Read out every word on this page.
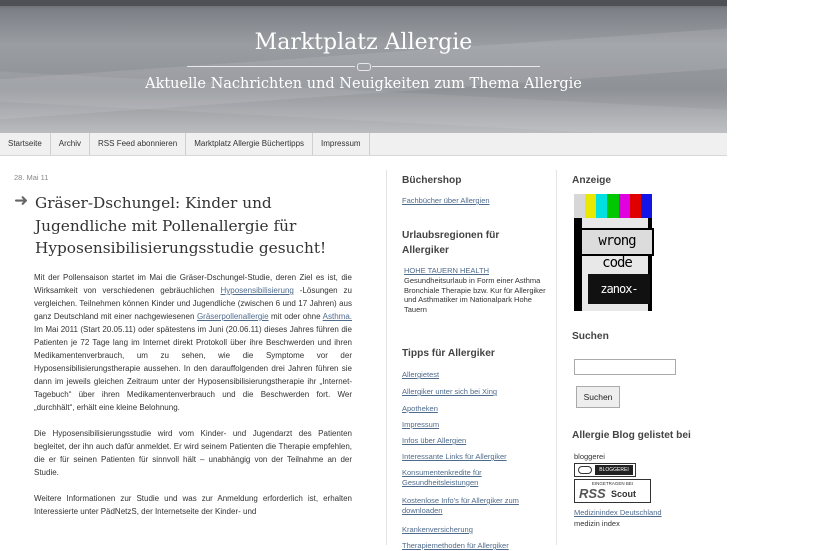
Marktplatz Allergie
Aktuelle Nachrichten und Neuigkeiten zum Thema Allergie
Startseite	Archiv	RSS Feed abonnieren	Marktplatz Allergie Büchertipps	Impressum
28. Mai 11
➜ Gräser-Dschungel: Kinder und Jugendliche mit Pollenallergie für Hyposensibilisierungsstudie gesucht!

Mit der Pollensaison startet im Mai die Gräser-Dschungel-Studie, deren Ziel es ist, die Wirksamkeit von verschiedenen gebräuchlichen Hyposensibilisierung -Lösungen zu vergleichen. Teilnehmen können Kinder und Jugendliche (zwischen 6 und 17 Jahren) aus ganz Deutschland mit einer nachgewiesenen Gräserpollenallergie mit oder ohne Asthma. Im Mai 2011 (Start 20.05.11) oder spätestens im Juni (20.06.11) dieses Jahres führen die Patienten je 72 Tage lang im Internet direkt Protokoll über ihre Beschwerden und ihren Medikamentenverbrauch, um zu sehen, wie die Symptome vor der Hyposensibilisierungstherapie aussehen. In den darauffolgenden drei Jahren führen sie dann im jeweils gleichen Zeitraum unter der Hyposensibilisierungstherapie ihr „Internet-Tagebuch“ über ihren Medikamentenverbrauch und die Beschwerden fort. Wer „durchhält“, erhält eine kleine Belohnung.

Die Hyposensibilisierungsstudie wird vom Kinder- und Jugendarzt des Patienten begleitet, der ihn auch dafür anmeldet. Er wird seinem Patienten die Therapie empfehlen, die er für seinen Patienten für sinnvoll hält – unabhängig von der Teilnahme an der Studie.

Weitere Informationen zur Studie und was zur Anmeldung erforderlich ist, erhalten Interessierte unter PädNetzS, der Internetseite der Kinder- und

Büchershop
Fachbücher über Allergien
Urlaubsregionen für Allergiker
HOHE TAUERN HEALTH
Gesundheitsurlaub in Form einer Asthma Bronchiale Therapie bzw. Kur für Allergiker und Asthmatiker im Nationalpark Hohe Tauern
Tipps für Allergiker
Allergietest
Allergiker unter sich bei Xing
Apotheken
Impressum
Infos über Allergien
Interessante Links für Allergiker
Konsumentenkredite für Gesundheitsleistungen
Kostenlose Info's für Allergiker zum downloaden
Krankenversicherung
Therapiemethoden für Allergiker
Anzeige
wrong code
zanox-affiliate
Suchen
Suchen
Allergie Blog gelistet bei
bloggerei
BLOGGEREI
EINGETRAGEN BEI
RSS Scout
Medizinindex Deutschland
medizin index
